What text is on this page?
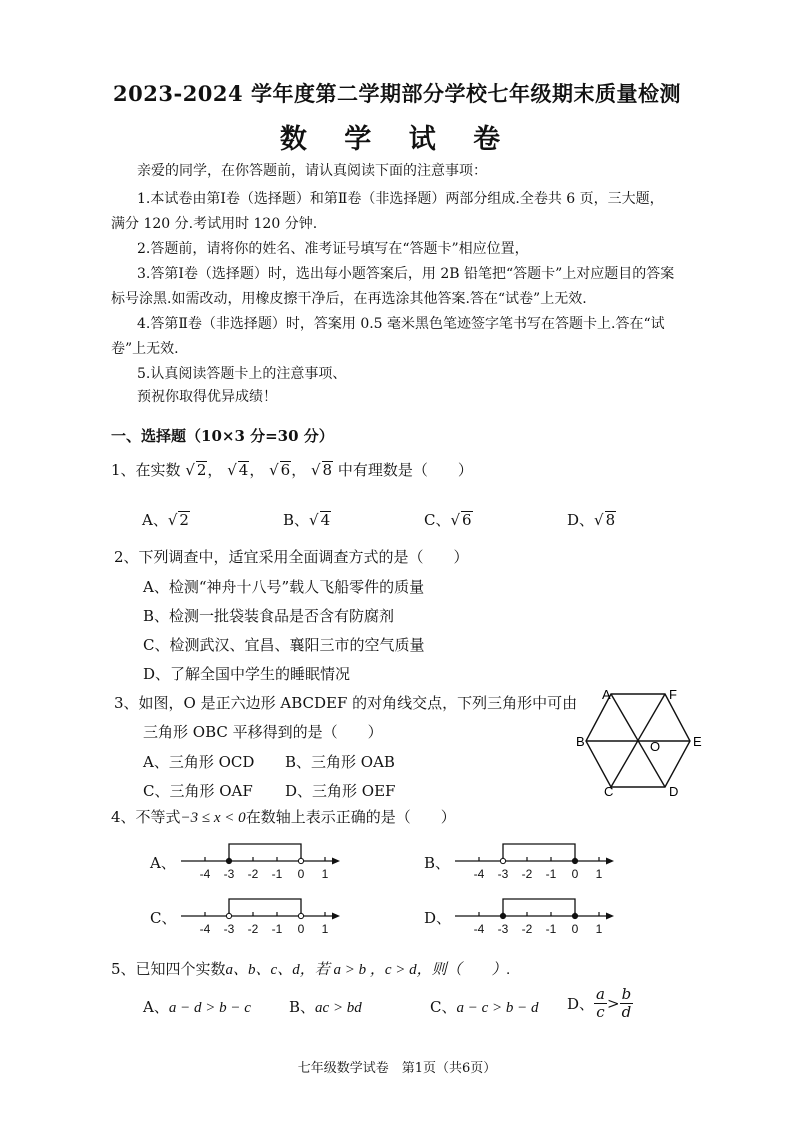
2023-2024 学年度第二学期部分学校七年级期末质量检测
数 学 试 卷
亲爱的同学，在你答题前，请认真阅读下面的注意事项：
1.本试卷由第Ⅰ卷（选择题）和第Ⅱ卷（非选择题）两部分组成.全卷共 6 页，三大题，
满分 120 分.考试用时 120 分钟.
2.答题前，请将你的姓名、准考证号填写在“答题卡”相应位置，
3.答第Ⅰ卷（选择题）时，选出每小题答案后，用 2B 铅笔把“答题卡”上对应题目的答案
标号涂黑.如需改动，用橡皮擦干净后，在再选涂其他答案.答在“试卷”上无效.
4.答第Ⅱ卷（非选择题）时，答案用 0.5 毫米黑色笔迹签字笔书写在答题卡上.答在“试
卷”上无效.
5.认真阅读答题卡上的注意事项、
预祝你取得优异成绩！
一、选择题（10×3 分=30 分）
1、在实数 √ 2， √ 4， √ 6， √ 8 中有理数是（　　）
A、√ 2	B、√ 4	C、√ 6	D、√ 8
2、下列调查中，适宜采用全面调查方式的是（　　）
A、检测“神舟十八号”载人飞船零件的质量
B、检测一批袋装食品是否含有防腐剂
C、检测武汉、宜昌、襄阳三市的空气质量
D、了解全国中学生的睡眠情况
3、如图，O 是正六边形 ABCDEF 的对角线交点，下列三角形中可由
三角形 OBC 平移得到的是（　　）
A、三角形 OCD B、三角形 OAB
C、三角形 OAF D、三角形 OEF
A	F
B	O	E
C	D
4、不等式−3 ≤ x < 0在数轴上表示正确的是（　　）
A、	B、
C、	D、
-4 -3 -2 -1 0 1	-4 -3 -2 -1 0 1
-4 -3 -2 -1 0 1	-4 -3 -2 -1 0 1
5、已知四个实数a、b、c、d，若 a > b ，c > d，则（　　）.
A、a − d > b − c	B、ac > bd	C、a − c > b − d D、 $\frac{a}{c} > \frac{b}{d}$
七年级数学试卷　第1页（共6页）
